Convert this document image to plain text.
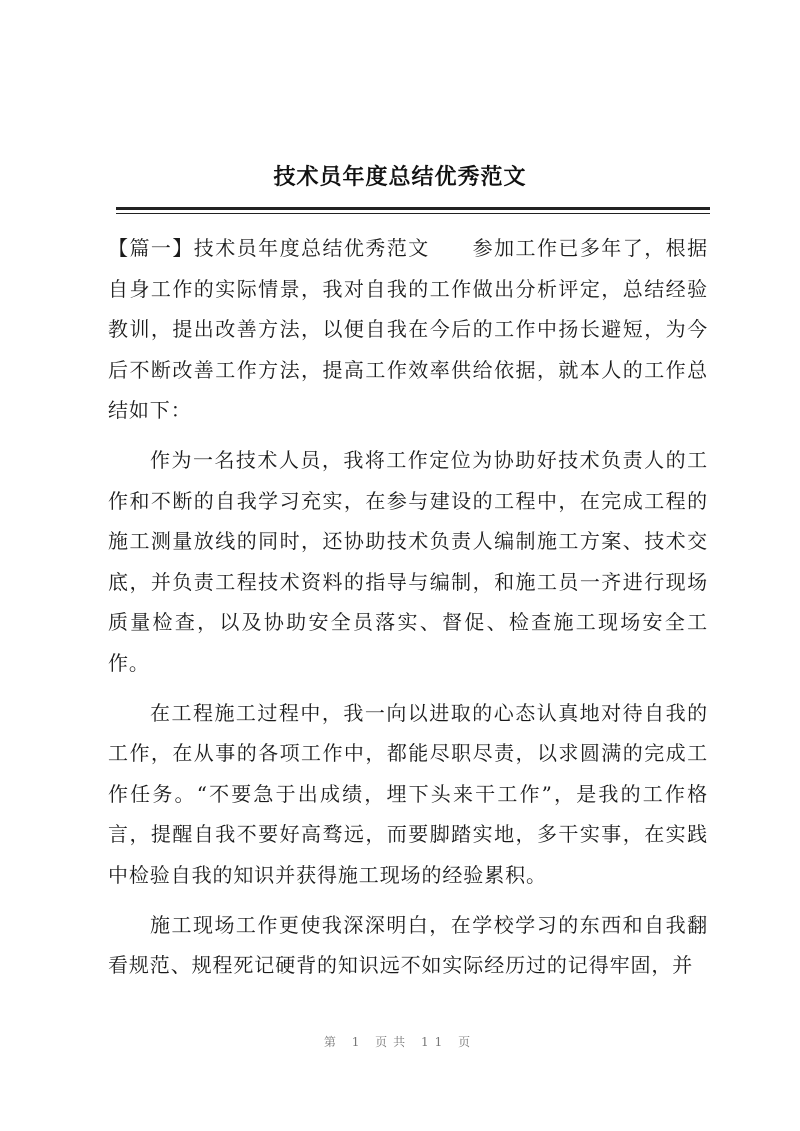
技术员年度总结优秀范文

【篇一】技术员年度总结优秀范文　　参加工作已多年了，根据自身工作的实际情景，我对自我的工作做出分析评定，总结经验教训，提出改善方法，以便自我在今后的工作中扬长避短，为今后不断改善工作方法，提高工作效率供给依据，就本人的工作总结如下：

作为一名技术人员，我将工作定位为协助好技术负责人的工作和不断的自我学习充实，在参与建设的工程中，在完成工程的施工测量放线的同时，还协助技术负责人编制施工方案、技术交底，并负责工程技术资料的指导与编制，和施工员一齐进行现场质量检查，以及协助安全员落实、督促、检查施工现场安全工作。

在工程施工过程中，我一向以进取的心态认真地对待自我的工作，在从事的各项工作中，都能尽职尽责，以求圆满的完成工作任务。“不要急于出成绩，埋下头来干工作”，是我的工作格言，提醒自我不要好高骛远，而要脚踏实地，多干实事，在实践中检验自我的知识并获得施工现场的经验累积。

施工现场工作更使我深深明白，在学校学习的东西和自我翻看规范、规程死记硬背的知识远不如实际经历过的记得牢固，并

第 1 页共 11 页
